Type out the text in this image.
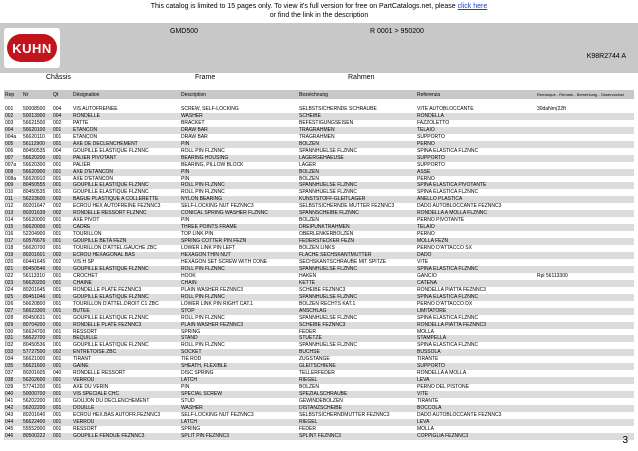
This catalog is limited to 15 pages only. To view it's full version for free on PartCatalogs.net, please click here
or find the link in the description
KUHN
GMD500	R 0001 > 950200
K98R2744 A
Châssis	Frame	Rahmen
Rep	Nr	Qt	Désignation	Description	Bezeichnung	Referenza	Remarque - Remark - Bemerkung - Osservazioni

001	50008500	004	VIS AUTOFREINEE	SCREW, SELF-LOCKING	SELBSTSICHERNDE SCHRAUBE	VITE AUTOBLOCCANTE	30daNm(22ft
002	50013900	004	RONDELLE	WASHER	SCHEIBE	RONDELLA	
003	56621500	002	PATTE	BRACKET	BEFESTIGUNGSEISEN	FAZZOLETTO	
004	56620100	001	ETANCON	DRAW BAR	TRAGRAHMEN	TELAIO	
004a	56620110	001	ETANCON	DRAW BAR	TRAGRAHMEN	SUPPORTO	
005	56112900	001	AXE DE DECLENCHEMENT	PIN	BOLZEN	PERNO	
006	80450535	004	GOUPILLE ELASTIQUE FLZNNC	ROLL PIN FLZNNC	SPANNHUELSE FLZNNC	SPINA ELASTICA FLZNNC	
007	56620200	001	PALIER PIVOTANT	BEARING HOUSING	LAGERGEHAEUSE	SUPPORTO	
007a	56620300	001	PALIER	BEARING, PILLOW BLOCK	LAGER	SUPPORTO	
008	56620900	001	AXE D'ETANCON	PIN	BOLZEN	ASSE	
008a	56620910	001	AXE D'ETANCON	PIN	BOLZEN	PERNO	
009	80450555	001	GOUPILLE ELASTIQUE FLZNNC	ROLL PIN FLZNNC	SPANNHUELSE FLZNNC	SPINA ELASTICA PIVOTANTE	
010	80450535	001	GOUPILLE ELASTIQUE FLZNNC	ROLL PIN FLZNNC	SPANNHUELSE FLZNNC	SPINA ELASTICA FLZNNC	
011	56223600	002	BAGUE PLASTIQUE A COLLERETTE	NYLON BEARING	KUNSTSTOFF-GLEITLAGER	ANELLO PLASTICA	
012	80201647	002	ECROU HEX AUTOFREINE FEZNNC3	SELF-LOCKING NUT FEZNNC3	SELBSTSICHERNDE MUTTER FEZNNC3	DADO AUTOBLOCCANTE FEZNNC3	
013	80201639	002	RONDELLE RESSORT FLZNNC	CONICAL SPRING WASHER FLZNNC	SPANNSCHEIBE FLZNNC	RONDELLA A MOLLA FLZNNC	
014	56620000	001	AXE PIVOT	PIN	BOLZEN	PERNO PIVOTANTE	
015	56620000	001	CADRE	THREE POINTS FRAME	DREIPUNKTRAHMEN	TELAIO	
016	52204900	001	TOURILLON	TOP LINK PIN	OBERLENKERBOLZEN	PERNO	
017	60576676	001	GOUPILLE BETA FEZN	SPRING COTTER PIN FEZN	FEDERSTECKER FEZN	MOLLA FEZN	
018	56620700	001	TOURILLON D'ATTEL.GAUCHE ZBC	LOWER LINK PIN LEFT	BOLZEN LINKS	PERNO D'ATTACCO SX	
019	80201601	002	ECROU HEXAGONAL BAS	HEXAGON THIN NUT	FLACHE SECHSKANTMUTTER	DADO	
020	60441645	002	VIS H SP	HEXAGON SET SCREW WITH CONE	SECHSKANTSCHRAUBE MIT SPITZE	VITE	
021	80450546	001	GOUPILLE ELASTIQUE FLZNNC	ROLL PIN FLZNNC	SPANNHUELSE FLZNNC	SPINA ELASTICA FLZNNC	
022	56113310	001	CROCHET	HOOK	HAKEN	GANCIO	Rpl 56113300
023	56620200	001	CHAINE	CHAIN	KETTE	CATENA	
024	80201645	001	RONDELLE PLATE FEZNNC3	PLAIN WASHER FEZNNC3	SCHEIBE FEZNNC3	RONDELLA PIATTA FEZNNC3	
025	80451046	001	GOUPILLE ELASTIQUE FLZNNC	ROLL PIN FLZNNC	SPANNHUELSE FLZNNC	SPINA ELASTICA FLZNNC	
026	56620800	001	TOURILLON D'ATTEL.DROIT C1 ZBC	LOWER LINK PIN RIGHT CAT.1	BOLZEN RECHTS KAT.1	PERNO D'ATTACCO DX	
027	56623300	001	BUTEE	STOP	ANSCHLAG	LIMITATORE	
028	80450631	001	GOUPILLE ELASTIQUE FLZNNC	ROLL PIN FLZNNC	SPANNHUELSE FLZNNC	SPINA ELASTICA FLZNNC	
029	80704200	001	RONDELLE PLATE FEZNNC3	PLAIN WASHER FEZNNC3	SCHEIBE FEZNNC3	RONDELLA PIATTA FEZNNC3	
030	56624700	001	RESSORT	SPRING	FEDER	MOLLA	
031	56622700	001	BEQUILLE	STAND	STUETZE	STAMPELLA	
032	80450536	001	GOUPILLE ELASTIQUE FLZNNC	ROLL PIN FLZNNC	SPANNHUELSE FLZNNC	SPINA ELASTICA FLZNNC	
033	57727500	002	ENTRETOISE ZBC	SOCKET	BUCHSE	BUSSOLA	
034	56621000	001	TIRANT	TIE ROD	ZUGSTANGE	TIRANTE	
035	56621600	001	GAINE	SHEATH, FLEXIBLE	GLEITSCHIENE	SUPPORTO	
037	80201605	040	RONDELLE RESSORT	DISC SPRING	TELLERFEDER	RONDELLA A MOLLA	
038	56202600	001	VERROU	LATCH	RIEGEL	LEVA	
039	57741200	001	AXE DU VERIN	PIN	BOLZEN	PERNO DEL PISTONE	
040	50000700	001	VIS SPECIALE CHC	SPECIAL SCREW	SPEZIALSCHRAUBE	VITE	
041	56202200	001	GOUJON DU DECLENCHEMENT	STUD	GEWINDEBOLZEN	TIRANTE	
042	56202200	001	DOUILLE	WASHER	DISTANZSCHEIBE	BOCCOLA	
043	80201640	001	ECROU HEX.BAS AUTOFR.FEZNNC3	SELF-LOCKING NUT FEZNNC3	SELBSTSICHERNDMUTTER FEZNNC3	DADO AUTOBLOCCANTE FEZNNC3	
044	56622400	001	VERROU	LATCH	RIEGEL	LEVA	
045	55552900	001	RESSORT	SPRING	FEDER	MOLLA	
046	80500222	001	GOUPILLE FENDUE FEZNNC3	SPLIT PIN FEZNNC3	SPLINT FEZNNC3	COPPIGLIA FEZNNC3		3
